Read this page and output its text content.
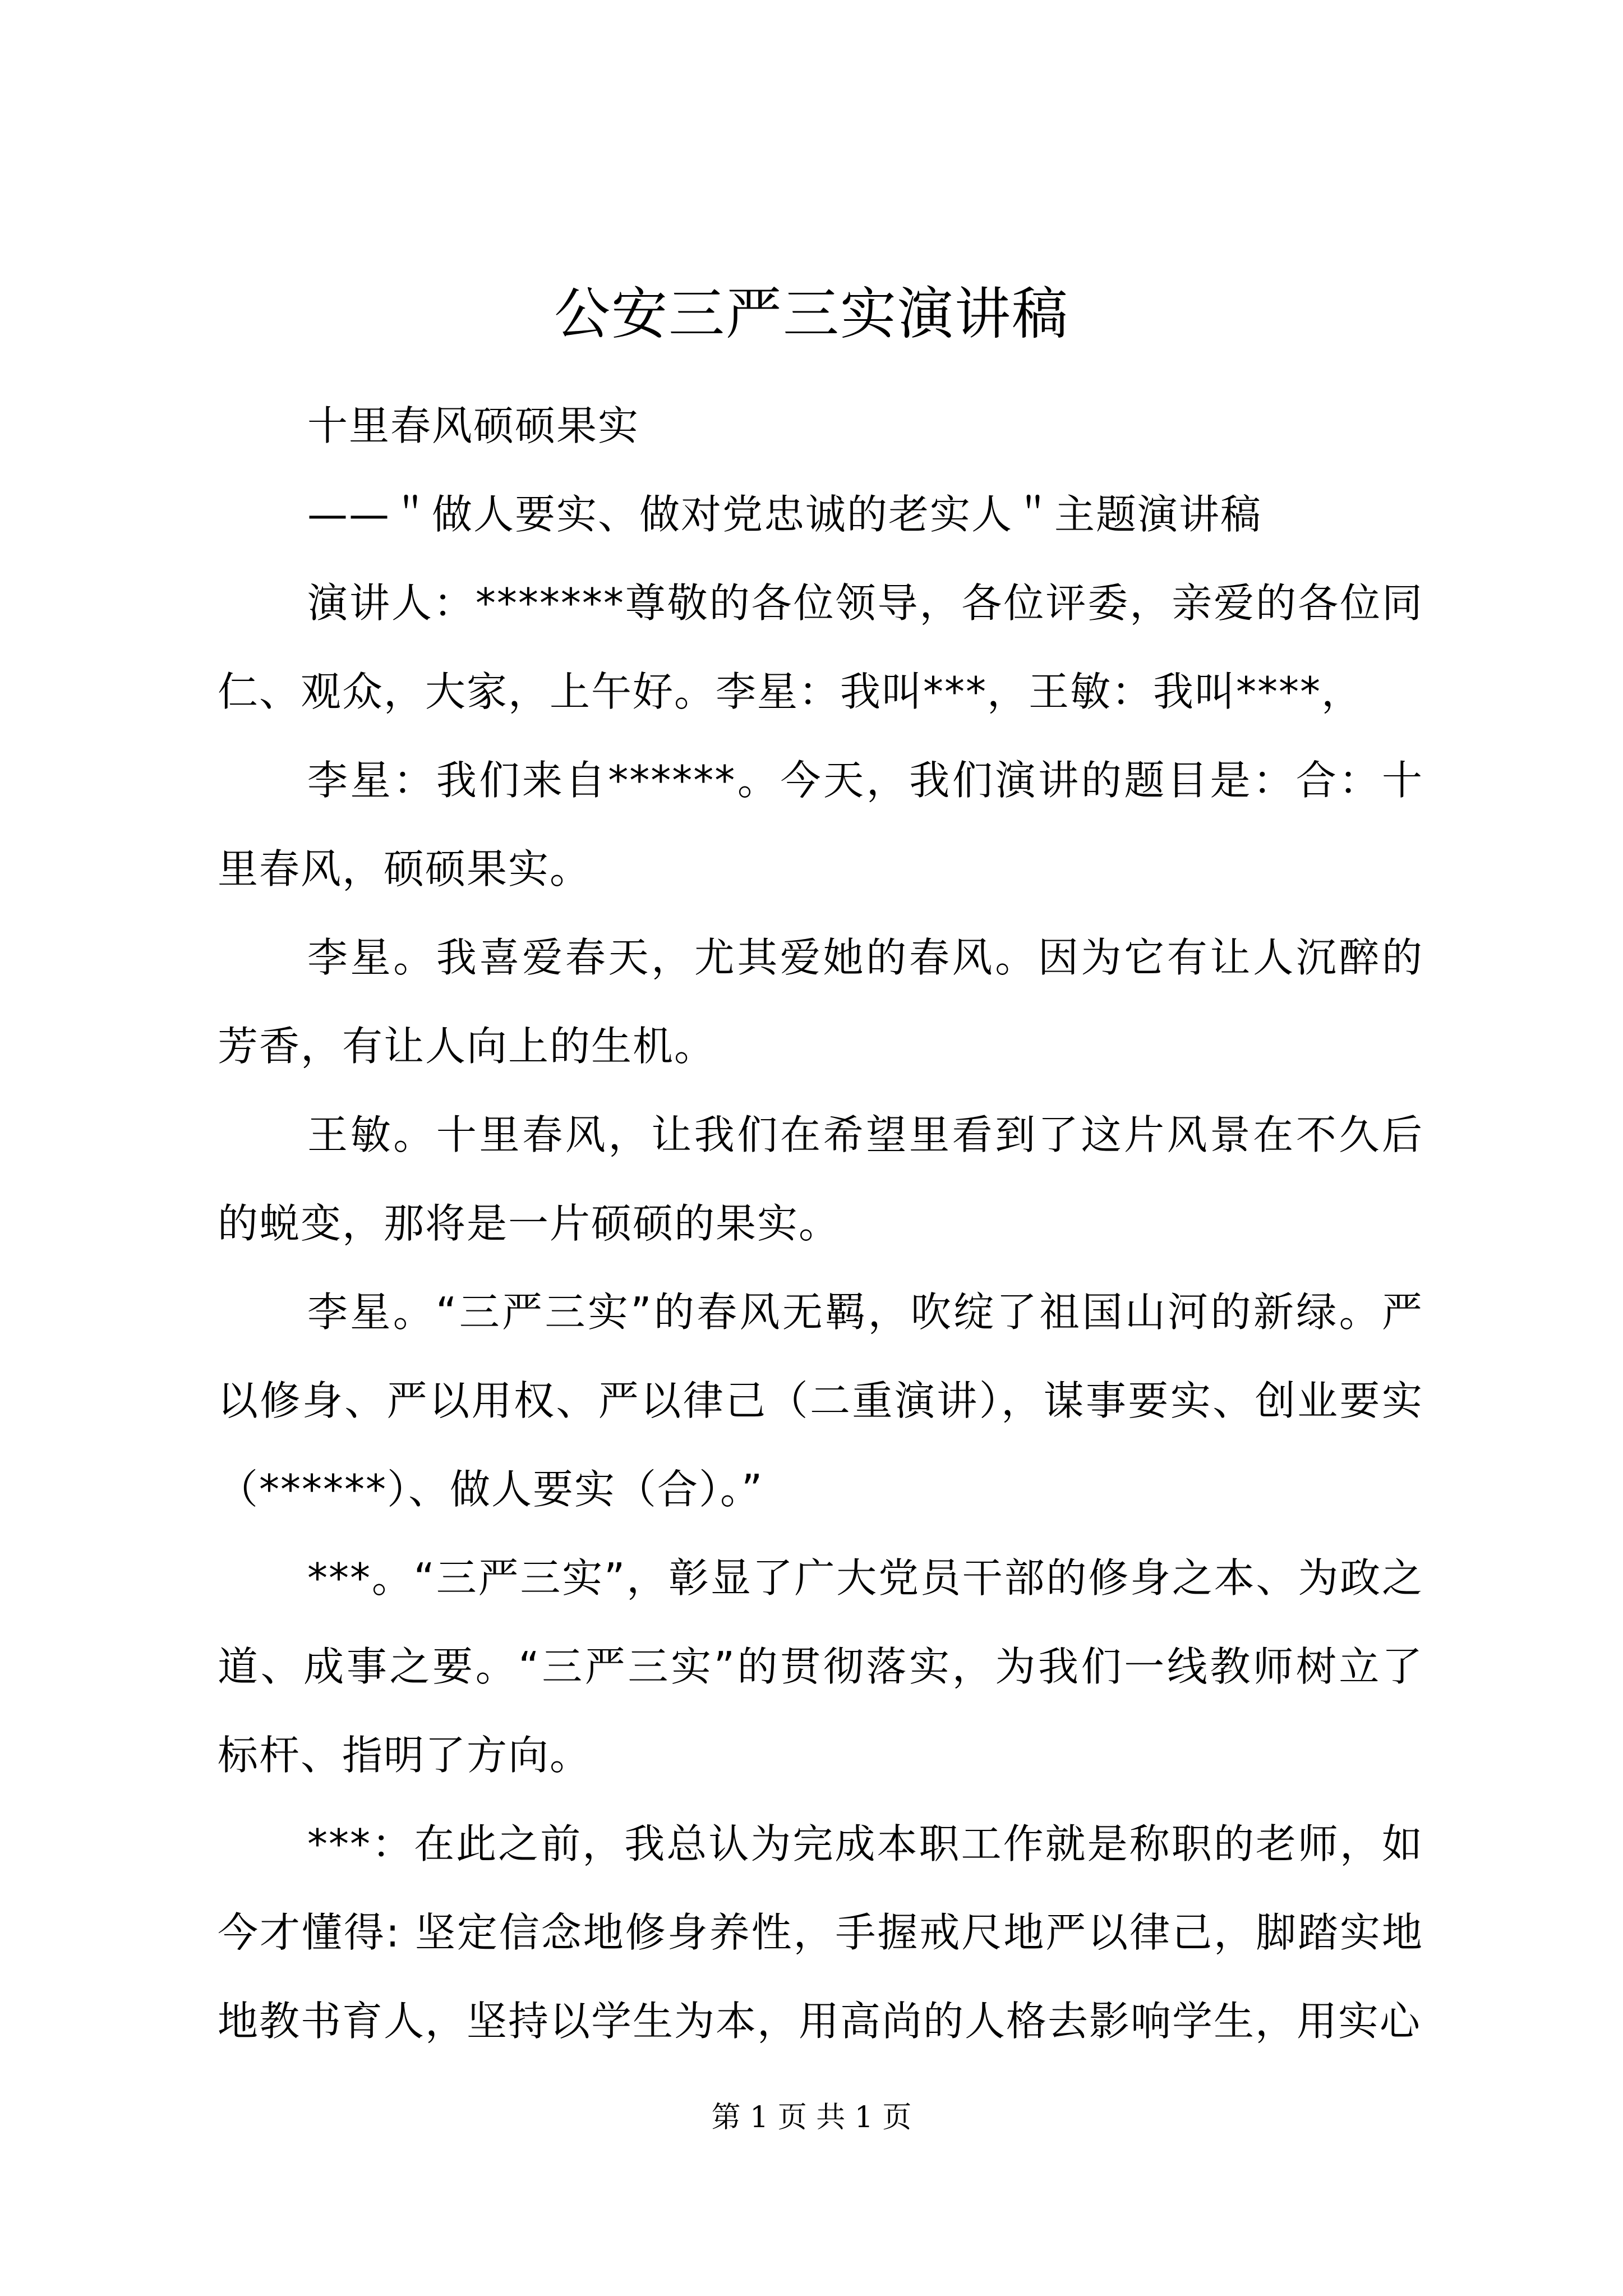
公安三严三实演讲稿

十里春风硕硕果实

——＂做人要实、做对党忠诚的老实人＂主题演讲稿

演讲人：*******尊敬的各位领导，各位评委，亲爱的各位同仁、观众，大家，上午好。李星：我叫***，王敏：我叫****，

李星：我们来自******。今天，我们演讲的题目是：合：十里春风，硕硕果实。

李星。我喜爱春天，尤其爱她的春风。因为它有让人沉醉的芳香，有让人向上的生机。

王敏。十里春风，让我们在希望里看到了这片风景在不久后的蜕变，那将是一片硕硕的果实。

李星。“三严三实”的春风无羁，吹绽了祖国山河的新绿。严以修身、严以用权、严以律己（二重演讲），谋事要实、创业要实（******）、做人要实（合）。”

***。“三严三实”，彰显了广大党员干部的修身之本、为政之道、成事之要。“三严三实”的贯彻落实，为我们一线教师树立了标杆、指明了方向。

***：在此之前，我总认为完成本职工作就是称职的老师，如今才懂得: 坚定信念地修身养性，手握戒尺地严以律己，脚踏实地地教书育人，坚持以学生为本，用高尚的人格去影响学生，用实心

第 1 页 共 1 页
